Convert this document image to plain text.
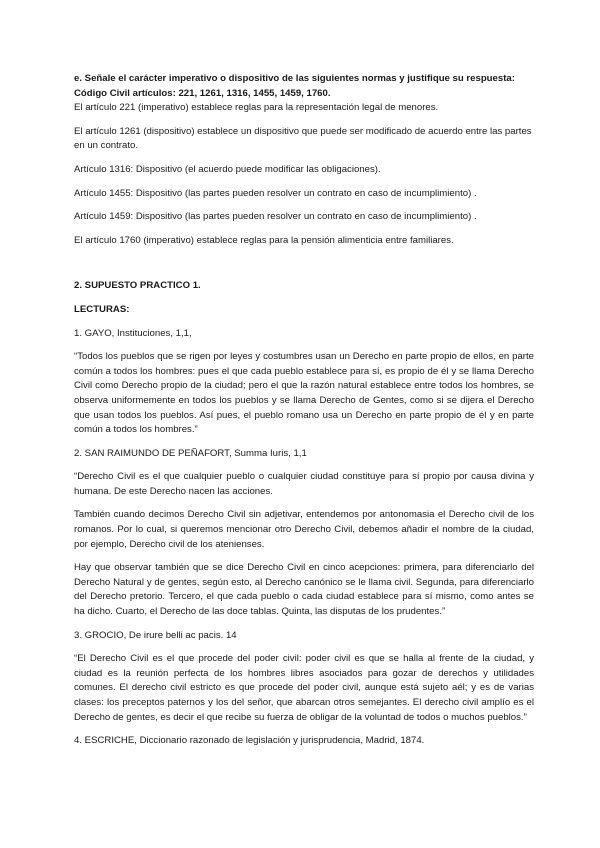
e. Señale el carácter imperativo o dispositivo de las siguientes normas y justifique su respuesta:

Código Civil artículos: 221, 1261, 1316, 1455, 1459, 1760.

El artículo 221 (imperativo) establece reglas para la representación legal de menores.

El artículo 1261 (dispositivo) establece un dispositivo que puede ser modificado de acuerdo entre las partes en un contrato.

Artículo 1316: Dispositivo (el acuerdo puede modificar las obligaciones).

Artículo 1455: Dispositivo (las partes pueden resolver un contrato en caso de incumplimiento) .

Artículo 1459: Dispositivo (las partes pueden resolver un contrato en caso de incumplimiento) .

El artículo 1760 (imperativo) establece reglas para la pensión alimenticia entre familiares.

2. SUPUESTO PRACTICO 1.

LECTURAS:

1. GAYO, Instituciones, 1,1,

“Todos los pueblos que se rigen por leyes y costumbres usan un Derecho en parte propio de ellos, en parte común a todos los hombres: pues el que cada pueblo establece para sí, es propio de él y se llama Derecho Civil como Derecho propio de la ciudad; pero el que la razón natural establece entre todos los hombres, se observa uniformemente en todos los pueblos y se llama Derecho de Gentes, como si se dijera el Derecho que usan todos los pueblos. Así pues, el pueblo romano usa un Derecho en parte propio de él y en parte común a todos los hombres.”

2. SAN RAIMUNDO DE PEÑAFORT, Summa Iuris, 1,1

“Derecho Civil es el que cualquier pueblo o cualquier ciudad constituye para sí propio por causa divina y humana. De este Derecho nacen las acciones.

También cuando decimos Derecho Civil sin adjetivar, entendemos por antonomasia el Derecho civil de los romanos. Por lo cual, si queremos mencionar otro Derecho Civil, debemos añadir el nombre de la ciudad, por ejemplo, Derecho civil de los atenienses.

Hay que observar también que se dice Derecho Civil en cinco acepciones: primera, para diferenciarlo del Derecho Natural y de gentes, según esto, al Derecho canónico se le llama civil. Segunda, para diferenciarlo del Derecho pretorio. Tercero, el que cada pueblo o cada ciudad establece para sí mismo, como antes se ha dicho. Cuarto, el Derecho de las doce tablas. Quinta, las disputas de los prudentes.”

3. GROCIO, De irure belli ac pacis. 14

“El Derecho Civil es el que procede del poder civil: poder civil es que se halla al frente de la ciudad, y ciudad es la reunión perfecta de los hombres libres asociados para gozar de derechos y utilidades comunes. El derecho civil estricto es que procede del poder civil, aunque está sujeto aél; y es de varias clases: los preceptos paternos y los del señor, que abarcan otros semejantes. El derecho civil amplío es el Derecho de gentes, es decir el que recibe su fuerza de obligar de la voluntad de todos o muchos pueblos.”

4. ESCRICHE, Diccionario razonado de legislación y jurisprudencia, Madrid, 1874.
